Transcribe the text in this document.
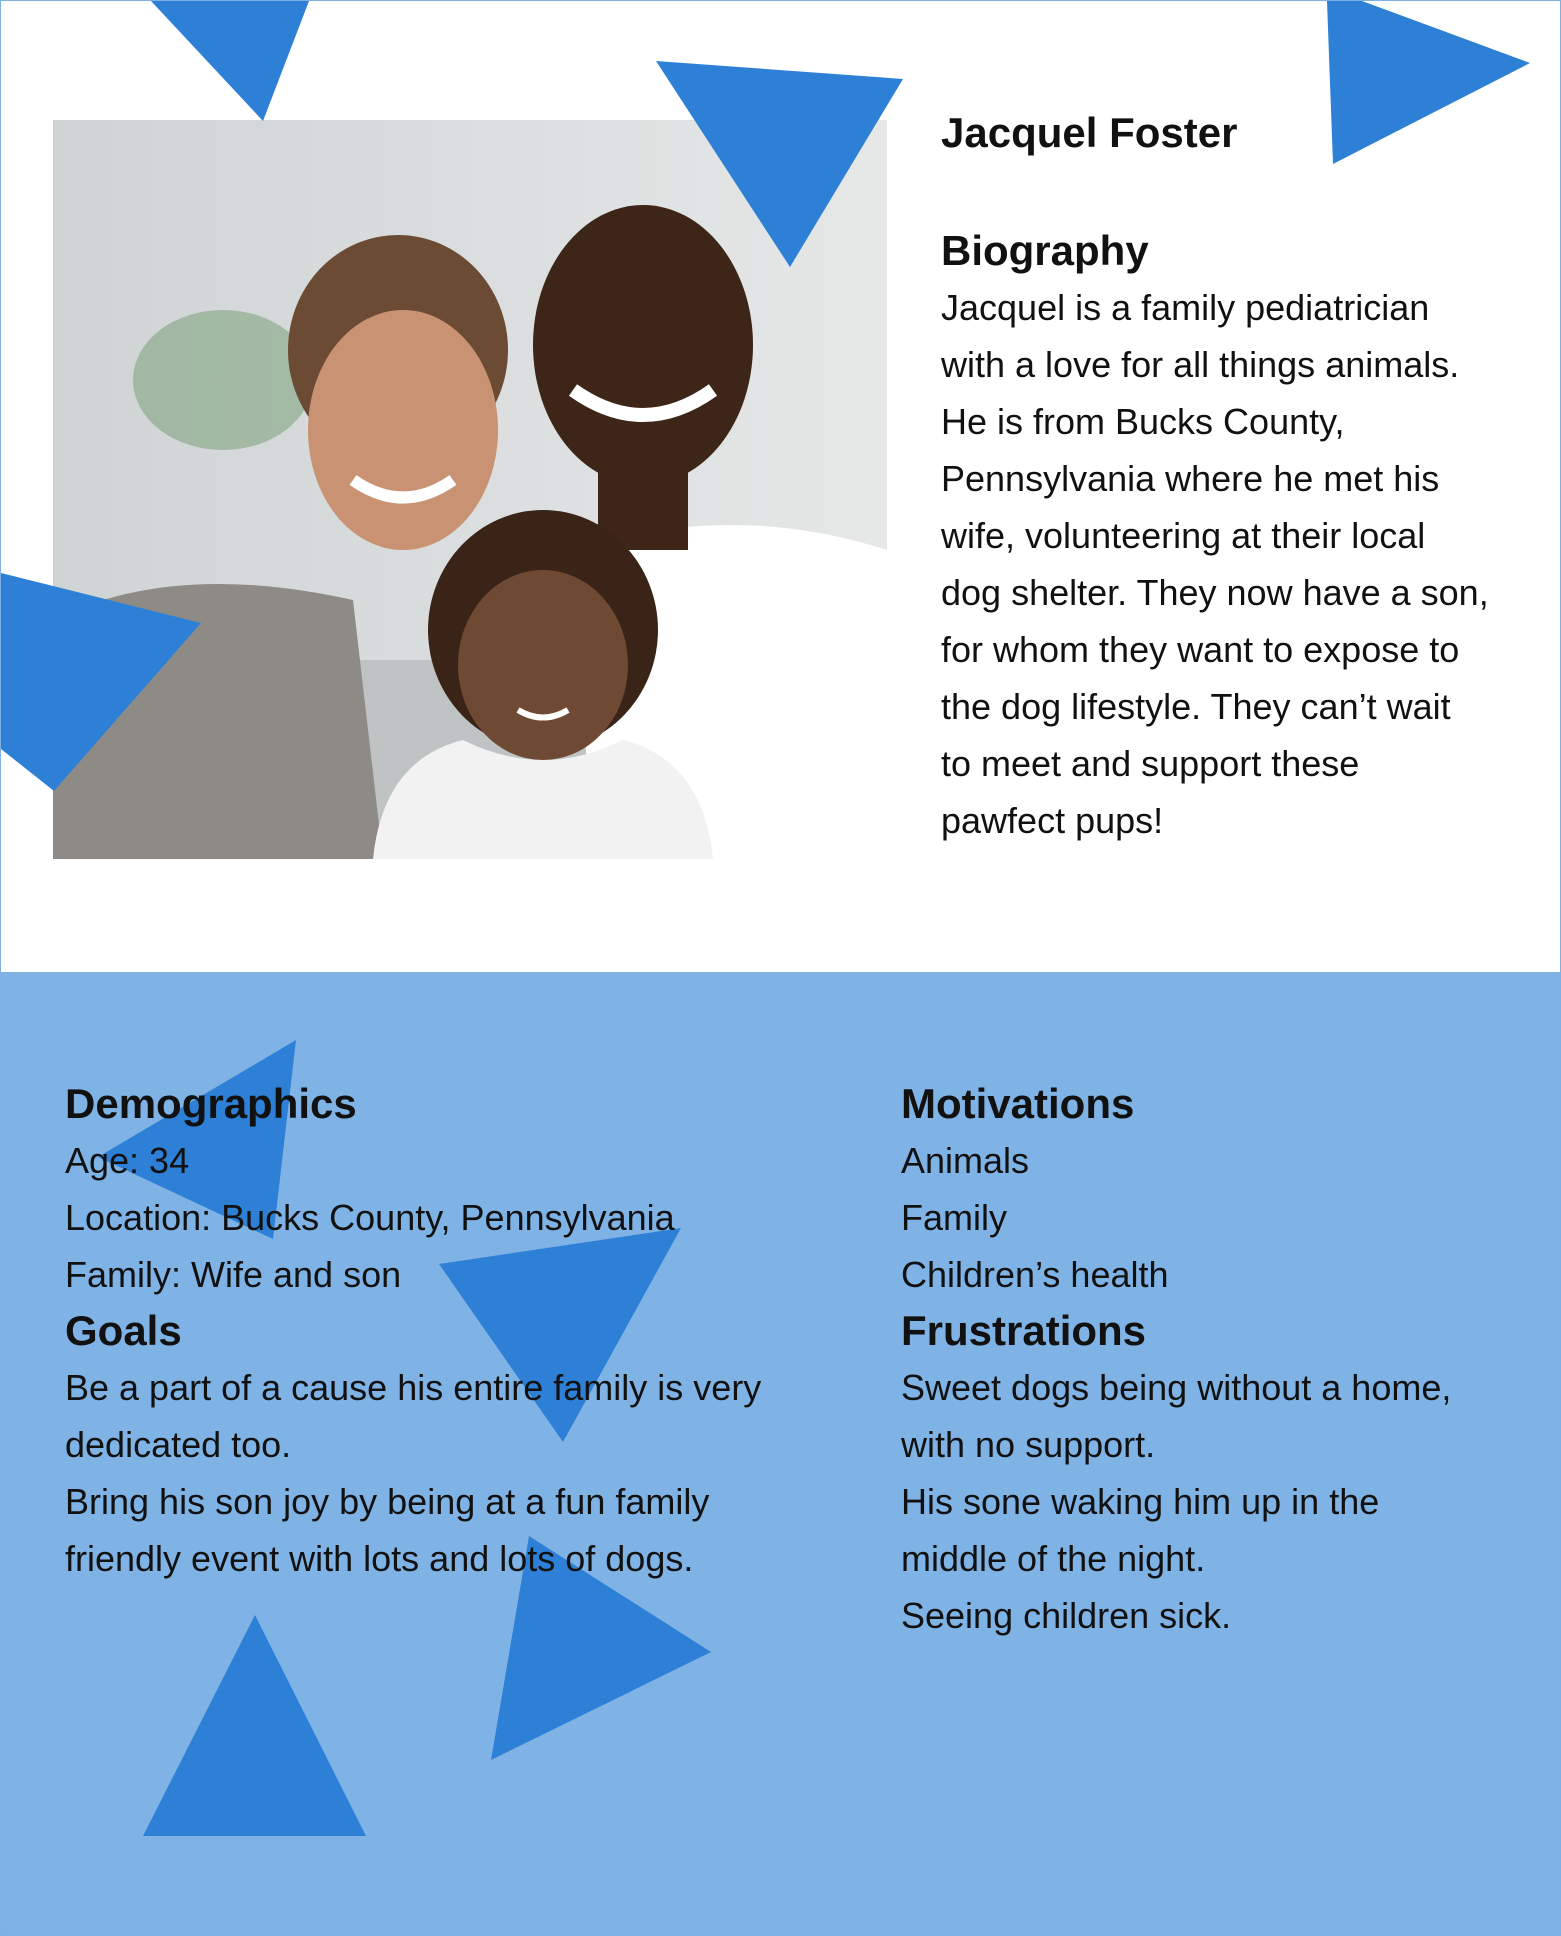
Jacquel Foster
Biography

Jacquel is a family pediatrician
with a love for all things animals.
He is from Bucks County,
Pennsylvania where he met his
wife, volunteering at their local
dog shelter. They now have a son,
for whom they want to expose to
the dog lifestyle. They can’t wait
to meet and support these
pawfect pups!

Demographics

Age: 34
Location: Bucks County, Pennsylvania
Family: Wife and son

Goals

Be a part of a cause his entire family is very
dedicated too.
Bring his son joy by being at a fun family
friendly event with lots and lots of dogs.

Motivations

Animals
Family
Children’s health

Frustrations

Sweet dogs being without a home,
with no support.
His sone waking him up in the
middle of the night.
Seeing children sick.
